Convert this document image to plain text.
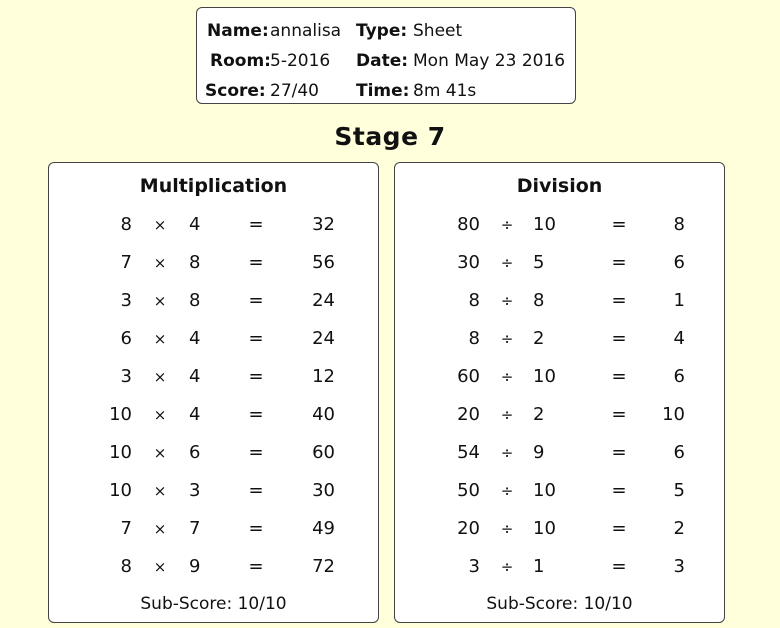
Name: annalisa Type: Sheet
Room: 5-2016 Date: Mon May 23 2016
Score: 27/40 Time: 8m 41s
Stage 7
Multiplication
8 × 4	=	32
7 × 8	=	56
3 × 8	=	24
6 × 4	=	24
3 × 4	=	12
10 × 4	=	40
10 × 6	=	60
10 × 3	=	30
7 × 7	=	49
8 × 9	=	72
Sub-Score: 10/10
Division
80 ÷ 10	=	8
30 ÷ 5	=	6
8 ÷ 8	=	1
8 ÷ 2	=	4
60 ÷ 10	=	6
20 ÷ 2	=	10
54 ÷ 9	=	6
50 ÷ 10	=	5
20 ÷ 10	=	2
3 ÷ 1	=	3
Sub-Score: 10/10
